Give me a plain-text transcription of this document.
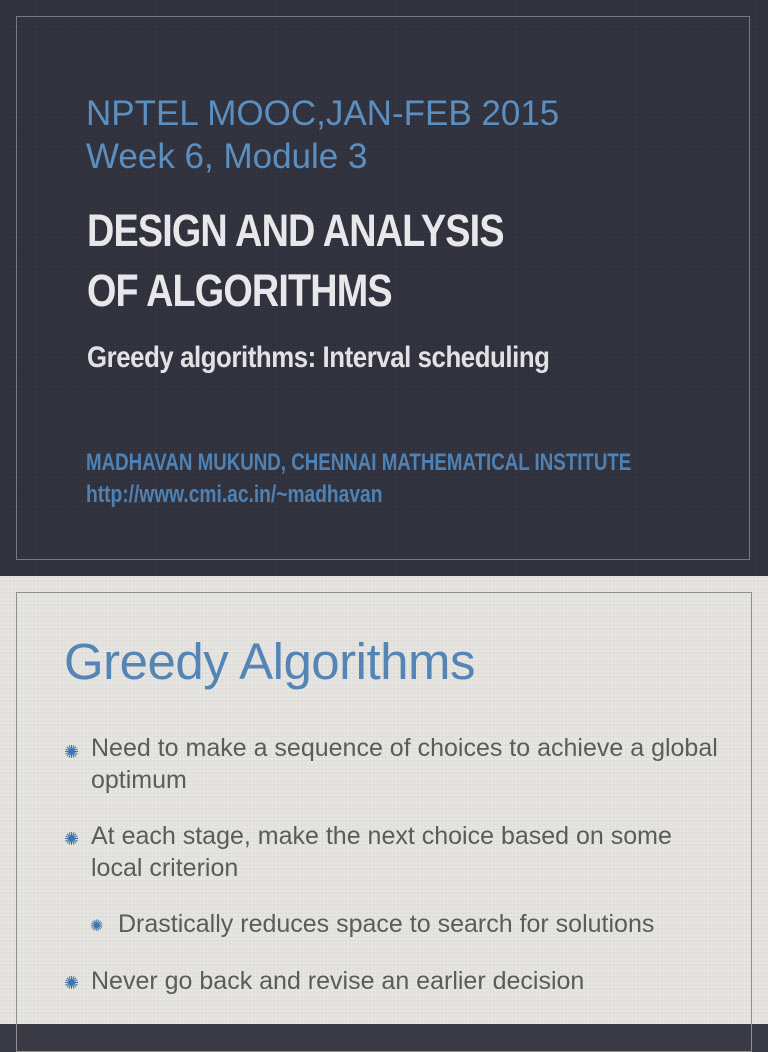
NPTEL MOOC,JAN-FEB 2015

Week 6, Module 3

DESIGN AND ANALYSIS

OF ALGORITHMS

Greedy algorithms: Interval scheduling

MADHAVAN MUKUND, CHENNAI MATHEMATICAL INSTITUTE

http://www.cmi.ac.in/~madhavan

Greedy Algorithms
✺ Need to make a sequence of choices to achieve a global optimum

✺ At each stage, make the next choice based on some local criterion

✺ Drastically reduces space to search for solutions

✺ Never go back and revise an earlier decision
